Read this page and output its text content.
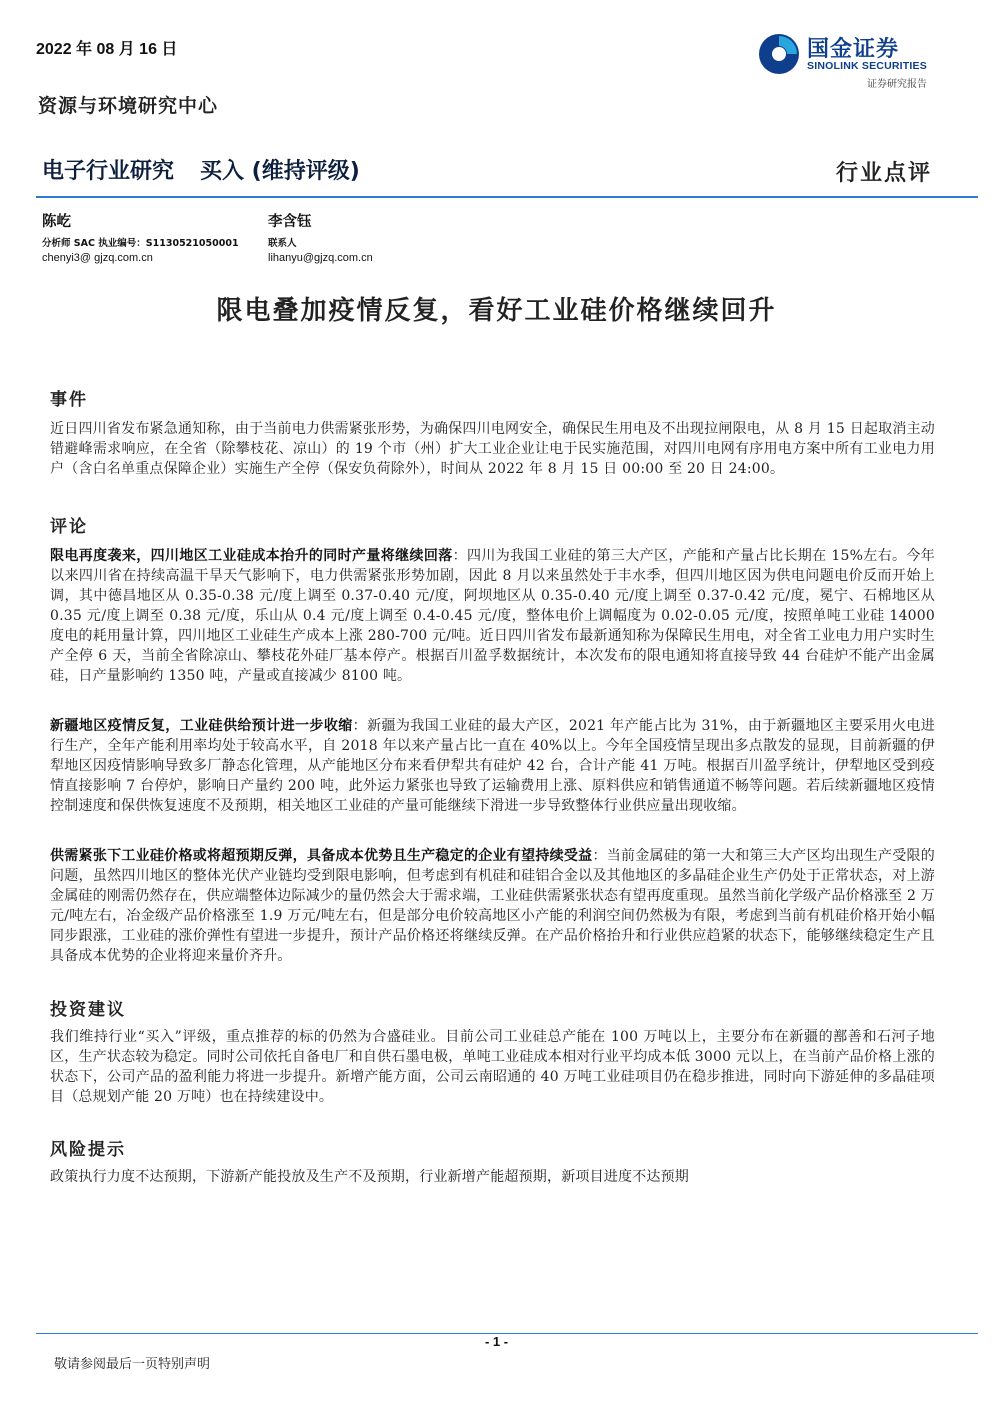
2022 年 08 月 16 日
资源与环境研究中心
国金证券
SINOLINK SECURITIES
证券研究报告
电子行业研究 买入 (维持评级)	行业点评
陈屹
分析师 SAC 执业编号：S1130521050001
chenyi3@ gjzq.com.cn
李含钰
联系人
lihanyu@gjzq.com.cn
限电叠加疫情反复，看好工业硅价格继续回升
事件

近日四川省发布紧急通知称，由于当前电力供需紧张形势，为确保四川电网安全，确保民生用电及不出现拉闸限电，从 8 月 15 日起取消主动错避峰需求响应，在全省（除攀枝花、凉山）的 19 个市（州）扩大工业企业让电于民实施范围，对四川电网有序用电方案中所有工业电力用户（含白名单重点保障企业）实施生产全停（保安负荷除外），时间从 2022 年 8 月 15 日 00:00 至 20 日 24:00。

评论

限电再度袭来，四川地区工业硅成本抬升的同时产量将继续回落：四川为我国工业硅的第三大产区，产能和产量占比长期在 15%左右。今年以来四川省在持续高温干旱天气影响下，电力供需紧张形势加剧，因此 8 月以来虽然处于丰水季，但四川地区因为供电问题电价反而开始上调，其中德昌地区从 0.35-0.38 元/度上调至 0.37-0.40 元/度，阿坝地区从 0.35-0.40 元/度上调至 0.37-0.42 元/度，冕宁、石棉地区从 0.35 元/度上调至 0.38 元/度，乐山从 0.4 元/度上调至 0.4-0.45 元/度，整体电价上调幅度为 0.02-0.05 元/度，按照单吨工业硅 14000 度电的耗用量计算，四川地区工业硅生产成本上涨 280-700 元/吨。近日四川省发布最新通知称为保障民生用电，对全省工业电力用户实时生产全停 6 天，当前全省除凉山、攀枝花外硅厂基本停产。根据百川盈孚数据统计，本次发布的限电通知将直接导致 44 台硅炉不能产出金属硅，日产量影响约 1350 吨，产量或直接减少 8100 吨。

新疆地区疫情反复，工业硅供给预计进一步收缩：新疆为我国工业硅的最大产区，2021 年产能占比为 31%，由于新疆地区主要采用火电进行生产，全年产能利用率均处于较高水平，自 2018 年以来产量占比一直在 40%以上。今年全国疫情呈现出多点散发的显现，目前新疆的伊犁地区因疫情影响导致多厂静态化管理，从产能地区分布来看伊犁共有硅炉 42 台，合计产能 41 万吨。根据百川盈孚统计，伊犁地区受到疫情直接影响 7 台停炉，影响日产量约 200 吨，此外运力紧张也导致了运输费用上涨、原料供应和销售通道不畅等问题。若后续新疆地区疫情控制速度和保供恢复速度不及预期，相关地区工业硅的产量可能继续下滑进一步导致整体行业供应量出现收缩。

供需紧张下工业硅价格或将超预期反弹，具备成本优势且生产稳定的企业有望持续受益：当前金属硅的第一大和第三大产区均出现生产受限的问题，虽然四川地区的整体光伏产业链均受到限电影响，但考虑到有机硅和硅铝合金以及其他地区的多晶硅企业生产仍处于正常状态，对上游金属硅的刚需仍然存在，供应端整体边际减少的量仍然会大于需求端，工业硅供需紧张状态有望再度重现。虽然当前化学级产品价格涨至 2 万元/吨左右，冶金级产品价格涨至 1.9 万元/吨左右，但是部分电价较高地区小产能的利润空间仍然极为有限，考虑到当前有机硅价格开始小幅同步跟涨，工业硅的涨价弹性有望进一步提升，预计产品价格还将继续反弹。在产品价格抬升和行业供应趋紧的状态下，能够继续稳定生产且具备成本优势的企业将迎来量价齐升。

投资建议

我们维持行业“买入”评级，重点推荐的标的仍然为合盛硅业。目前公司工业硅总产能在 100 万吨以上，主要分布在新疆的鄯善和石河子地区，生产状态较为稳定。同时公司依托自备电厂和自供石墨电极，单吨工业硅成本相对行业平均成本低 3000 元以上，在当前产品价格上涨的状态下，公司产品的盈利能力将进一步提升。新增产能方面，公司云南昭通的 40 万吨工业硅项目仍在稳步推进，同时向下游延伸的多晶硅项目（总规划产能 20 万吨）也在持续建设中。

风险提示

政策执行力度不达预期，下游新产能投放及生产不及预期，行业新增产能超预期，新项目进度不达预期

- 1 -
敬请参阅最后一页特别声明
